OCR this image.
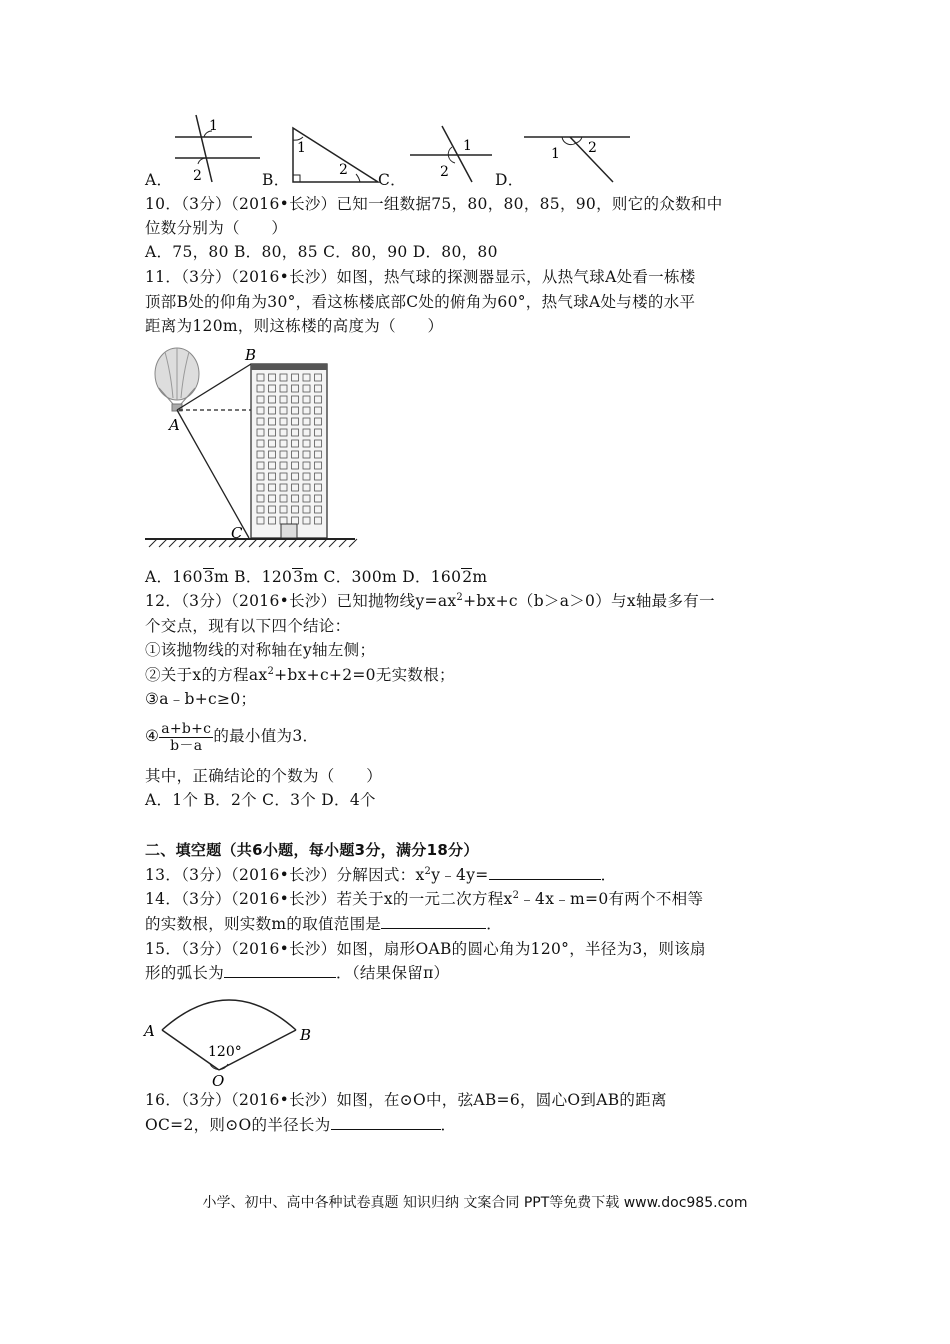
1
2
1
2
1
2
1 2
A．	B．	C．	D．
10．（3分）（2016•长沙）已知一组数据75，80，80，85，90，则它的众数和中
位数分别为（　　）
A．75，80 B．80，85 C．80，90 D．80，80
11．（3分）（2016•长沙）如图，热气球的探测器显示，从热气球A处看一栋楼
顶部B处的仰角为30°，看这栋楼底部C处的俯角为60°，热气球A处与楼的水平
距离为120m，则这栋楼的高度为（　　）
A
B
C
A．1603m B．1203m C．300m D．1602m
12．（3分）（2016•长沙）已知抛物线$y=ax^2+bx+c(b>a>0)$与x轴最多有一
个交点，现有以下四个结论：
①该抛物线的对称轴在y轴左侧；
②关于x的方程$ax^2+bx+c+2=0$无实数根；
③a﹣b+c≥0；
④ $\frac{a+b+c}{b-a}$ 的最小值为3．
其中，正确结论的个数为（　　）
A．1个 B．2个 C．3个 D．4个
二、填空题（共6小题，每小题3分，满分18分）
13．（3分）（2016•长沙）分解因式：$x^2y﹣4y=$	．
14．（3分）（2016•长沙）若关于x的一元二次方程$x^2﹣4x﹣m=0$有两个不相等
的实数根，则实数m的取值范围是	．
15．（3分）（2016•长沙）如图，扇形OAB的圆心角为120°，半径为3，则该扇
形的弧长为	．（结果保留π）
A	B
O
120°
16．（3分）（2016•长沙）如图，在⊙O中，弦AB=6，圆心O到AB的距离
OC=2，则⊙O的半径长为	．
小学、初中、高中各种试卷真题 知识归纳 文案合同 PPT等免费下载 www.doc985.com
